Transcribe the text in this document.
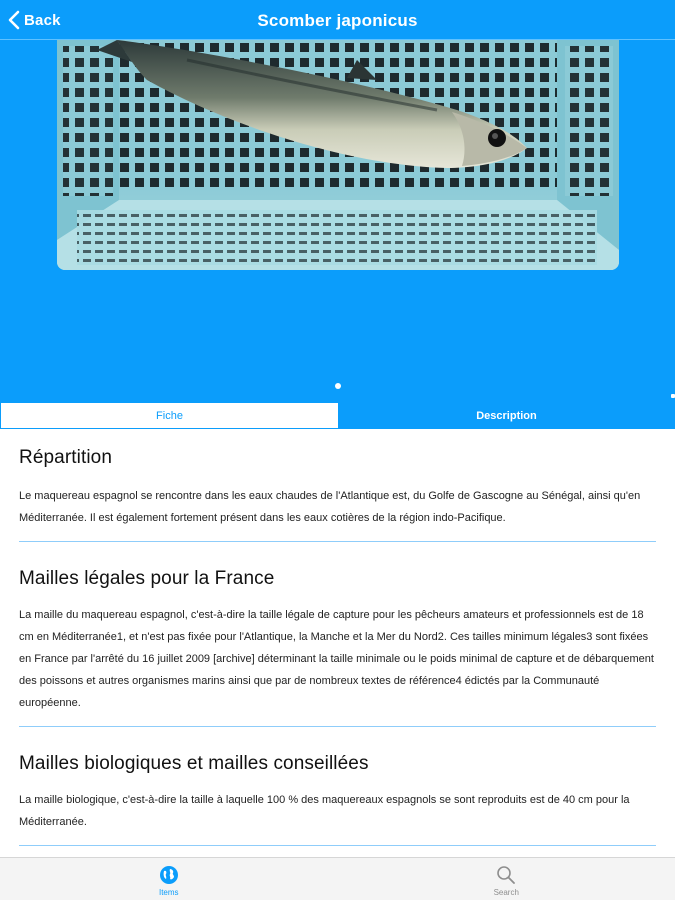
Back	Scomber japonicus
Fiche	Description
Répartition

Le maquereau espagnol se rencontre dans les eaux chaudes de l'Atlantique est, du Golfe de Gascogne au Sénégal, ainsi qu'en Méditerranée. Il est également fortement présent dans les eaux cotières de la région indo-Pacifique.

Mailles légales pour la France

La maille du maquereau espagnol, c'est-à-dire la taille légale de capture pour les pêcheurs amateurs et professionnels est de 18 cm en Méditerranée1, et n'est pas fixée pour l'Atlantique, la Manche et la Mer du Nord2. Ces tailles minimum légales3 sont fixées en France par l'arrêté du 16 juillet 2009 [archive] déterminant la taille minimale ou le poids minimal de capture et de débarquement des poissons et autres organismes marins ainsi que par de nombreux textes de référence4 édictés par la Communauté européenne.

Mailles biologiques et mailles conseillées

La maille biologique, c'est-à-dire la taille à laquelle 100 % des maquereaux espagnols se sont reproduits est de 40 cm pour la Méditerranée.

Items	Search
